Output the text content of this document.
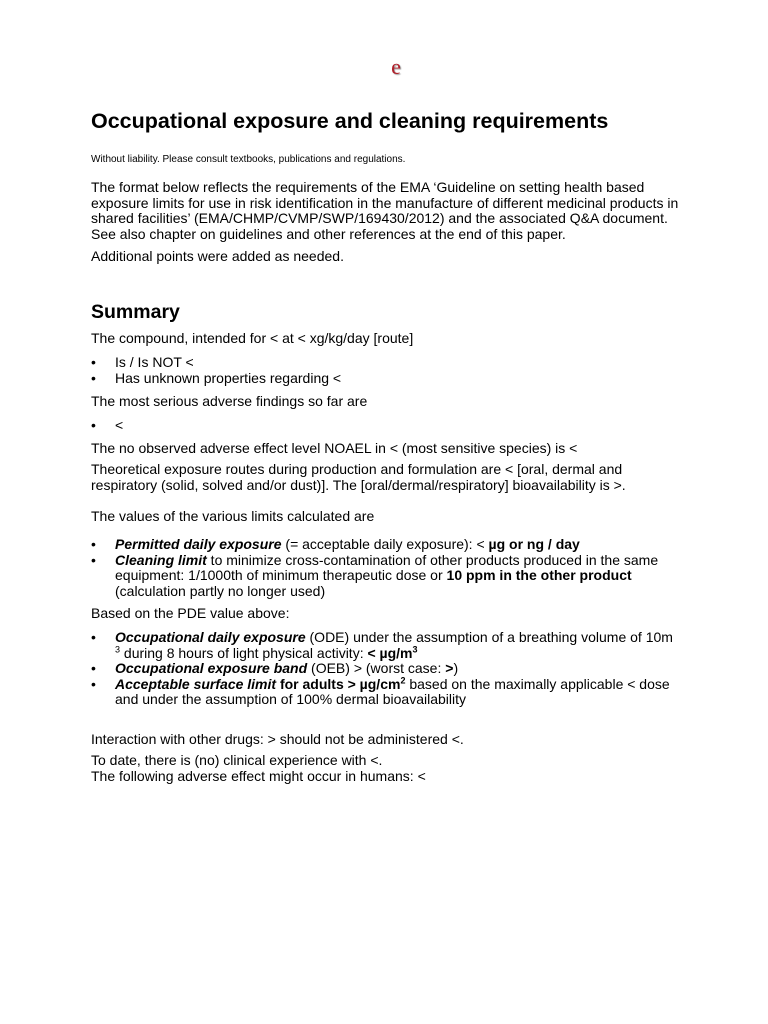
e
Occupational exposure and cleaning requirements

Without liability. Please consult textbooks, publications and regulations.

The format below reflects the requirements of the EMA ‘Guideline on setting health based exposure limits for use in risk identification in the manufacture of different medicinal products in shared facilities’ (EMA/CHMP/CVMP/SWP/169430/2012) and the associated Q&A document. See also chapter on guidelines and other references at the end of this paper.

Additional points were added as needed.

Summary

The compound, intended for < at < xg/kg/day [route]

• Is / Is NOT <
• Has unknown properties regarding <

The most serious adverse findings so far are

• <

The no observed adverse effect level NOAEL in < (most sensitive species) is <

Theoretical exposure routes during production and formulation are < [oral, dermal and respiratory (solid, solved and/or dust)]. The [oral/dermal/respiratory] bioavailability is >.

The values of the various limits calculated are

• Permitted daily exposure (= acceptable daily exposure): < µg or ng / day
• Cleaning limit to minimize cross-contamination of other products produced in the same equipment: 1/1000th of minimum therapeutic dose or 10 ppm in the other product
(calculation partly no longer used)

Based on the PDE value above:

• Occupational daily exposure (ODE) under the assumption of a breathing volume of 10m
$^3$ during 8 hours of light physical activity: < $\mu g/m^3$
• Occupational exposure band (OEB) > (worst case: >)
• Acceptable surface limit for adults > $\mu g/cm^2$ based on the maximally applicable < dose and under the assumption of 100% dermal bioavailability

Interaction with other drugs: > should not be administered <.

To date, there is (no) clinical experience with <.

The following adverse effect might occur in humans: <
